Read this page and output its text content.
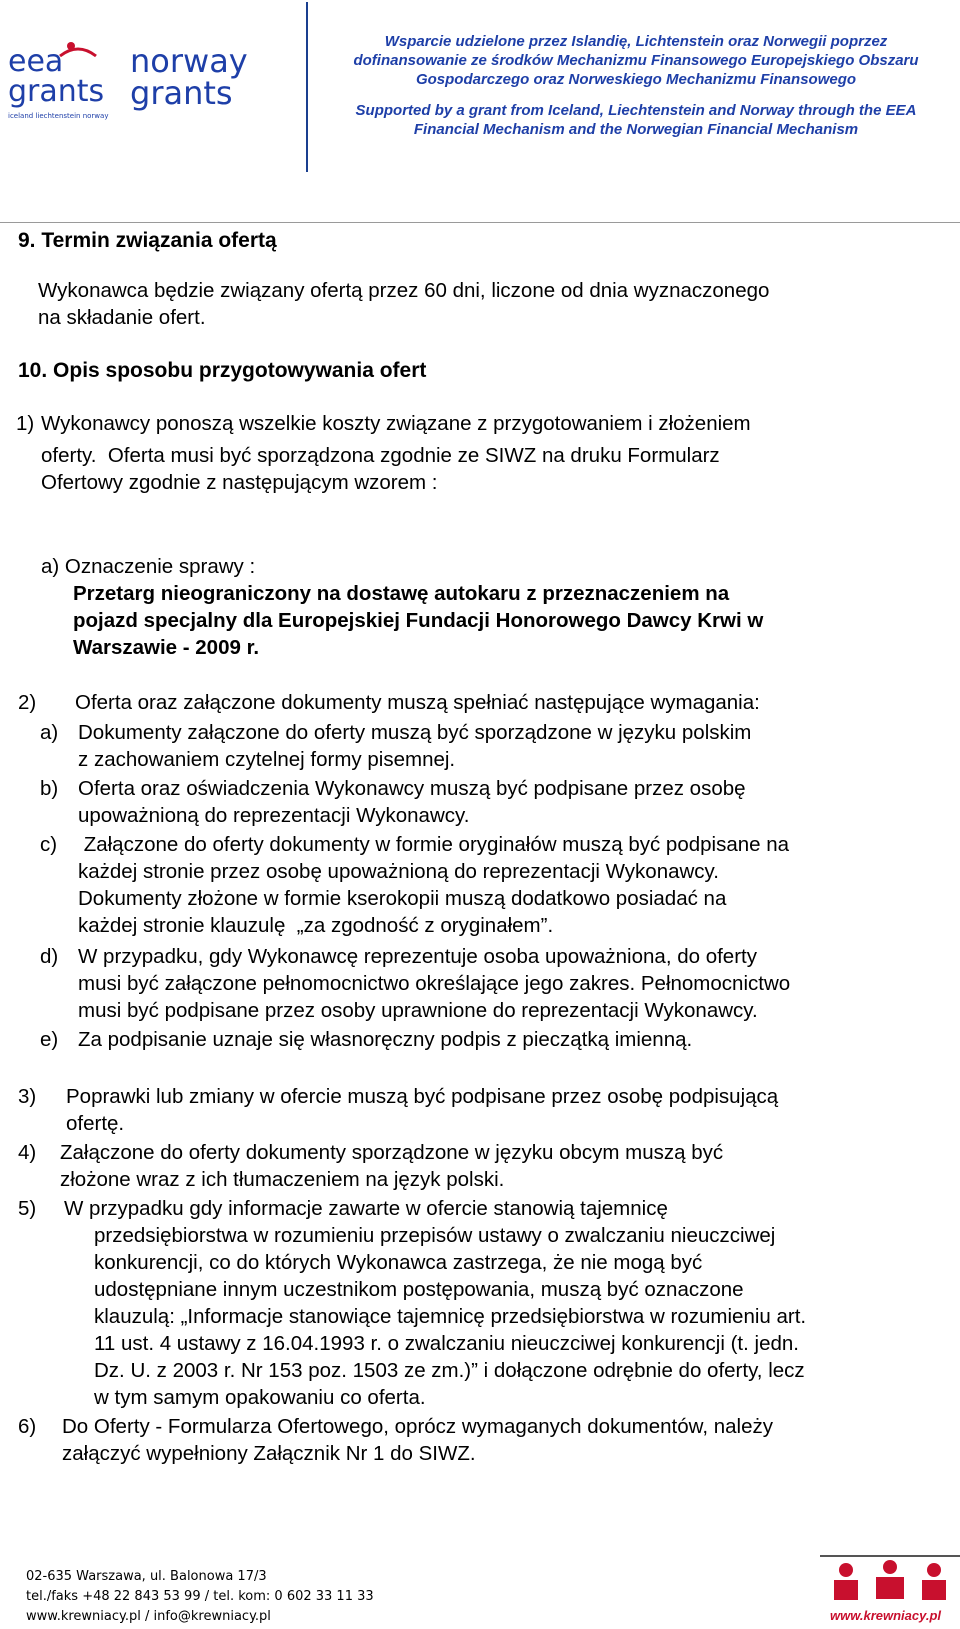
eea
grants
iceland liechtenstein norway
norway
grants
Wsparcie udzielone przez Islandię, Lichtenstein oraz Norwegii poprzez
dofinansowanie ze środków Mechanizmu Finansowego Europejskiego Obszaru
Gospodarczego oraz Norweskiego Mechanizmu Finansowego
Supported by a grant from Iceland, Liechtenstein and Norway through the EEA
Financial Mechanism and the Norwegian Financial Mechanism
9. Termin związania ofertą
Wykonawca będzie związany ofertą przez 60 dni, liczone od dnia wyznaczonego
na składanie ofert.
10. Opis sposobu przygotowywania ofert
1) Wykonawcy ponoszą wszelkie koszty związane z przygotowaniem i złożeniem
oferty.  Oferta musi być sporządzona zgodnie ze SIWZ na druku Formularz
Ofertowy zgodnie z następującym wzorem :
a) Oznaczenie sprawy :
Przetarg nieograniczony na dostawę autokaru z przeznaczeniem na
pojazd specjalny dla Europejskiej Fundacji Honorowego Dawcy Krwi w
Warszawie - 2009 r.
2) Oferta oraz załączone dokumenty muszą spełniać następujące wymagania:
a) Dokumenty załączone do oferty muszą być sporządzone w języku polskim
z zachowaniem czytelnej formy pisemnej.
b) Oferta oraz oświadczenia Wykonawcy muszą być podpisane przez osobę
upoważnioną do reprezentacji Wykonawcy.
c) Załączone do oferty dokumenty w formie oryginałów muszą być podpisane na
każdej stronie przez osobę upoważnioną do reprezentacji Wykonawcy.
Dokumenty złożone w formie kserokopii muszą dodatkowo posiadać na
każdej stronie klauzulę  „za zgodność z oryginałem”.
d) W przypadku, gdy Wykonawcę reprezentuje osoba upoważniona, do oferty
musi być załączone pełnomocnictwo określające jego zakres. Pełnomocnictwo
musi być podpisane przez osoby uprawnione do reprezentacji Wykonawcy.
e) Za podpisanie uznaje się własnoręczny podpis z pieczątką imienną.
3) Poprawki lub zmiany w ofercie muszą być podpisane przez osobę podpisującą
ofertę.
4) Załączone do oferty dokumenty sporządzone w języku obcym muszą być
złożone wraz z ich tłumaczeniem na język polski.
5) W przypadku gdy informacje zawarte w ofercie stanowią tajemnicę
przedsiębiorstwa w rozumieniu przepisów ustawy o zwalczaniu nieuczciwej
konkurencji, co do których Wykonawca zastrzega, że nie mogą być
udostępniane innym uczestnikom postępowania, muszą być oznaczone
klauzulą: „Informacje stanowiące tajemnicę przedsiębiorstwa w rozumieniu art.
11 ust. 4 ustawy z 16.04.1993 r. o zwalczaniu nieuczciwej konkurencji (t. jedn.
Dz. U. z 2003 r. Nr 153 poz. 1503 ze zm.)” i dołączone odrębnie do oferty, lecz
w tym samym opakowaniu co oferta.
6) Do Oferty - Formularza Ofertowego, oprócz wymaganych dokumentów, należy
załączyć wypełniony Załącznik Nr 1 do SIWZ.
02-635 Warszawa, ul. Balonowa 17/3
tel./faks +48 22 843 53 99 / tel. kom: 0 602 33 11 33
www.krewniacy.pl / info@krewniacy.pl	www.krewniacy.pl
